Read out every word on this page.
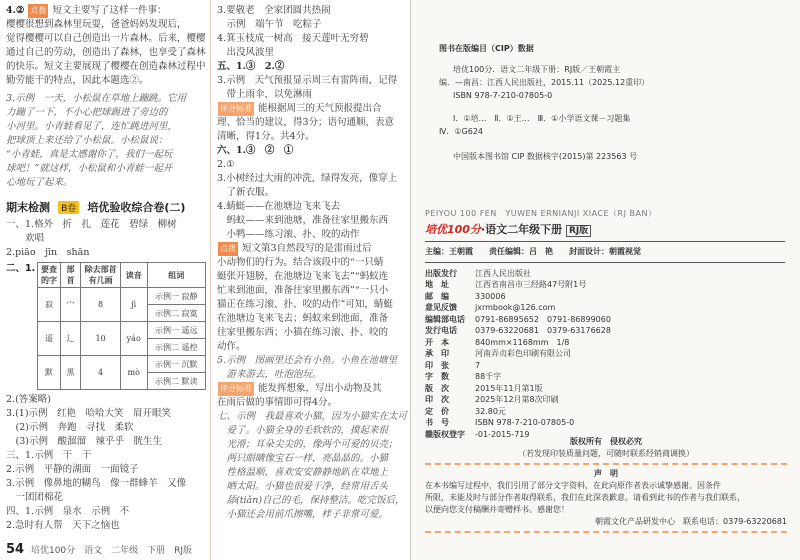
4.② 点拨 短文主要写了这样一件事：
樱樱很想到森林里玩耍，爸爸妈妈发现后，
觉得樱樱可以自己创造出一片森林。后来，樱樱
通过自己的劳动，创造出了森林，也享受了森林
的快乐。短文主要展现了樱樱在创造森林过程中
勤劳能干的特点，因此本题选②。
3.示例　一天，小松鼠在草地上蹦跳。它用
力蹦了一下，不小心把球踢进了旁边的
小河里。小青蛙看见了，连忙跳进河里，
把球顶上来还给了小松鼠。小松鼠说：
“小青蛙，真是太感谢你了，我们一起玩
球吧！”就这样，小松鼠和小青蛙一起开
心地玩了起来。
期末检测 B卷 培优验收综合卷(二)
一、1.格外　折　扎　莲花　碧绿　柳树
　　欢唱
2.piāo　jīn　shān
二、1. 要查的字	部首	除去部首有几画	读音	组词
寂	宀	8	jì	示例一 寂静
				示例二 寂寞
遥	辶	10	yáo	示例一 遥远
				示例二 遥控
默	黑	4	mò	示例一 沉默
				示例二 默读
2.(答案略)
3.(1)示例　红艳　哈哈大笑　眉开眼笑
　(2)示例　奔跑　寻找　柔软
　(3)示例　酸溜溜　辣乎乎　胱生生
三、1.示例　干　干
2.示例　平静的湖面　一面镜子
3.示例　像鼻地的糊鸟　像一群蜂羊　又像
　一团团棉花
四、1.示例　泉水　示例　不
2.急时有人帮　天下之恼也
54 培优100分　语文　二年级　下册　RJ版
3.要敬老　全家团圆共热闹
　示例　端午节　吃粽子
4.箕玉枝成一树高　接天莲叶无穷碧
　出没风波里
五、1.③　2.②
3.示例　天气预报显示周三有雷阵雨，记得
　带上雨伞，以免淋雨
评分标准 能根据周三的天气预报提出合
理、恰当的建议，得3分；语句通顺，表意
清晰，得1分。共4分。
六、1.③　②　①
2.①
3.小树经过大雨的冲洗，绿得发亮，像穿上
　了新衣服。
4.蜻蜓——在池塘边飞来飞去
　蚂蚁——来到池塘，准备往家里搬东西
　小鸭——练习滚、扑、咬的动作
点拨 短文第3自然段写的是雷雨过后
小动物们的行为。结合该段中的“一只蜻
蜓张开翅膀，在池塘边飞来飞去”“蚂蚁连
忙来到池面，准备往家里搬东西”“一只小
猫正在练习滚、扑、咬的动作”可知，蜻蜓
在池塘边飞来飞去；蚂蚁来到池面，准备
往家里搬东西；小猫在练习滚、扑、咬的
动作。
5.示例　图画里还会有小鱼。小鱼在池塘里
　游来游去，吐泡泡玩。
评分标准 能发挥想象，写出小动物及其
在雨后做的事情即可得4分。
七、示例　我最喜欢小猫，因为小猫实在太可
　爱了。小猫全身的毛软软的，摸起来很
　光滑；耳朵尖尖的，像两个可爱的贝壳；
　两只眼睛像宝石一样，亮晶晶的。小猫
　性格温顺，喜欢安安静静地趴在草地上
　晒太阳。小猫也很爱干净，经常用舌头
　舔(tiǎn)自己的毛，保持整洁。吃完饭后，
　小猫还会用前爪擦嘴，样子非常可爱。
图书在版编目（CIP）数据
培优100分．语文二年级下册：RJ版／王朝霞主
编．—南昌：江西人民出版社，2015.11（2025.12重印）
ISBN 978-7-210-07805-0
Ⅰ．①培…　Ⅱ．①王…　Ⅲ．①小学语文课－习题集
Ⅳ．①G624
中国版本图书馆 CIP 数据核字(2015)第 223563 号
PEIYOU 100 FEN　YUWEN ERNIANJI XIACE（RJ BAN）
培优100分·语文二年级下册 RJ版
主编：王朝霞　　责任编辑：吕　艳　　封面设计：朝霞视觉
出版发行 江西人民出版社
地　址	江西省南昌市三经路47号附1号
邮　编	330006
意见反馈 jxrmbook@126.com
编辑部电话 0791-86895652　0791-86899060
发行电话 0379-63220681　0379-63176628
开　本	840mm×1168mm　1/8
承　印	河南弄贞彩色印刷有限公司
印　张	7
字　数	88千字
版　次	2015年11月第1版
印　次	2025年12月第8次印刷
定　价	32.80元
书　号	ISBN 978-7-210-07805-0
赣版权登字 -01-2015-719
版权所有　侵权必究
（若发现印装质量问题，可随时联系经销商调换）
声　明
在本书编写过程中，我们引用了部分文字资料，在此向原作者表示诚挚感谢。因条件
所限，未能及时与部分作者取得联系，我们在此深表歉意。请看到此书的作者与我们联系，
以便向您支付稿酬并寄赠样书。感谢您！
朝霞文化产品研发中心　联系电话：0379-63220681
